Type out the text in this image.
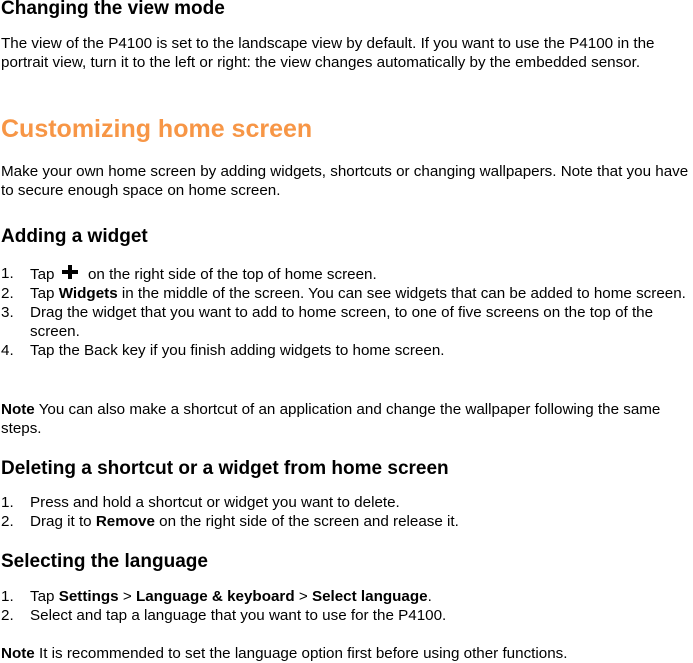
Changing the view mode

The view of the P4100 is set to the landscape view by default. If you want to use the P4100 in the portrait view, turn it to the left or right: the view changes automatically by the embedded sensor.

Customizing home screen

Make your own home screen by adding widgets, shortcuts or changing wallpapers. Note that you have to secure enough space on home screen.

Adding a widget
1. Tap on the right side of the top of home screen.
2. Tap Widgets in the middle of the screen. You can see widgets that can be added to home screen.
3. Drag the widget that you want to add to home screen, to one of five screens on the top of the screen.
4. Tap the Back key if you finish adding widgets to home screen.

Note You can also make a shortcut of an application and change the wallpaper following the same steps.

Deleting a shortcut or a widget from home screen
1. Press and hold a shortcut or widget you want to delete.
2. Drag it to Remove on the right side of the screen and release it.
Selecting the language
1. Tap Settings > Language & keyboard > Select language.
2. Select and tap a language that you want to use for the P4100.

Note It is recommended to set the language option first before using other functions.
